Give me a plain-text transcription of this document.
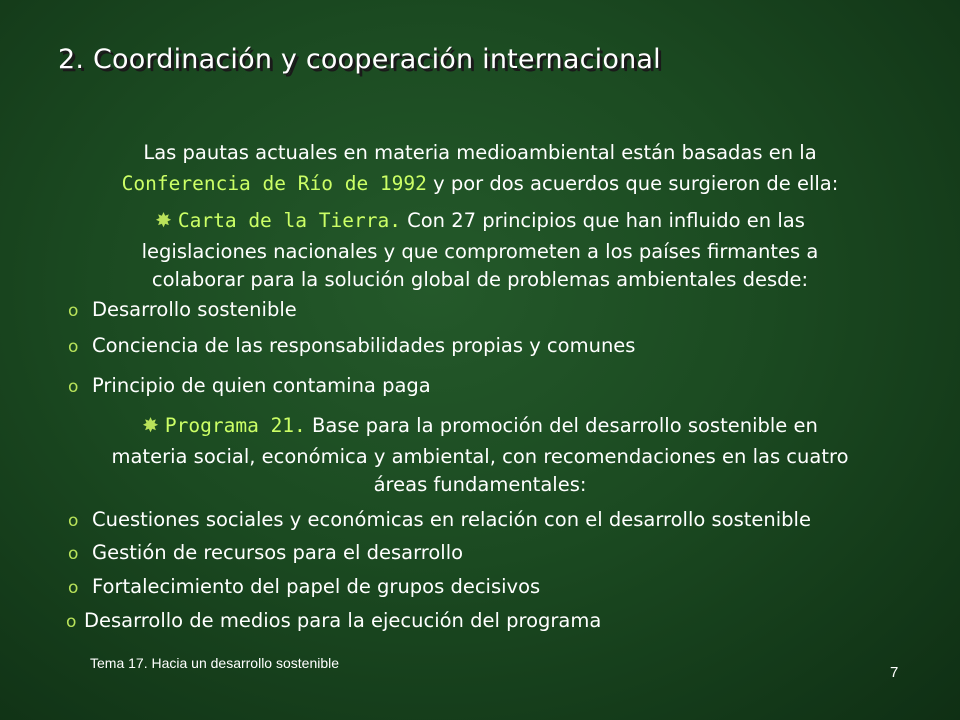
2. Coordinación y cooperación internacional
Las pautas actuales en materia medioambiental están basadas en la
Conferencia de Río de 1992 y por dos acuerdos que surgieron de ella:
✸ Carta de la Tierra. Con 27 principios que han influido en las
legislaciones nacionales y que comprometen a los países firmantes a
colaborar para la solución global de problemas ambientales desde:
o Desarrollo sostenible
o Conciencia de las responsabilidades propias y comunes
o Principio de quien contamina paga
✸ Programa 21. Base para la promoción del desarrollo sostenible en
materia social, económica y ambiental, con recomendaciones en las cuatro
áreas fundamentales:
o Cuestiones sociales y económicas en relación con el desarrollo sostenible
o Gestión de recursos para el desarrollo
o Fortalecimiento del papel de grupos decisivos
o Desarrollo de medios para la ejecución del programa
Tema 17. Hacia un desarrollo sostenible
7
